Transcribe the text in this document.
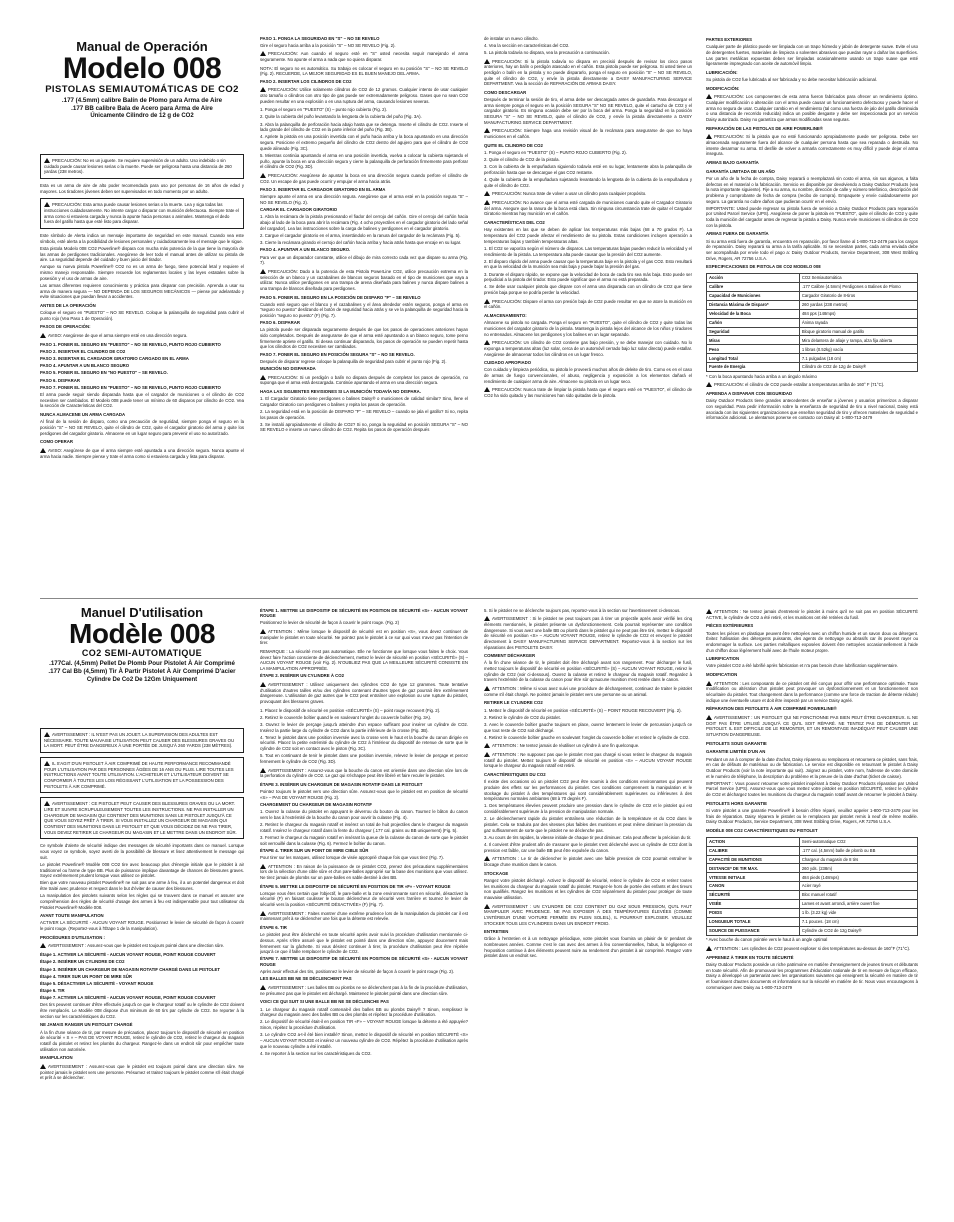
Manual de Operación
Modelo 008
PISTOLAS SEMIAUTOMÁTICAS DE CO2
.177 (4.5mm) calibre Balín de Plomo para Arma de Aire
.177 BB calibre Bala de Acero para Arma de Aire
Únicamente Cilindro de 12 g de CO2
PRECAUCIÓN: No es un juguete. Se requiere supervisión de un adulto. Uso indebido o sin cuidado puede causar lesiones serias o la muerte. Puede ser peligrosa hasta una distancia de 260 yardas (238 metros).

Esta es un arma de aire de alto poder recomendada para uso por personas de 16 años de edad y mayores. Los tiradores jóvenes deben ser supervisados en todo momento por un adulto.

PRECAUCIÓN: Esta arma puede causar lesiones serias o la muerte. Lea y siga todas las instrucciones cuidadosamente. No intente cargar o disparar con munición defectuosa. Siempre trate el arma como si estuviera cargada y nunca la apunte hacia personas o animales. Mantenga el dedo fuera del gatillo hasta que esté listo para disparar.

Este símbolo de Alerta indica un mensaje importante de seguridad en este manual. Cuando vea este símbolo, esté alerta a la posibilidad de lesiones personales y cuidadosamente lea el mensaje que le sigue.

Esta pistola Modelo 008 CO2 Powerline® dispara con mucha más potencia de la que tiene la mayoría de las armas de perdigones tradicionales. Asegúrese de leer todo el manual antes de utilizar su pistola de aire. La seguridad depende del cuidado y buen juicio del tirador.

Aunque su nueva pistola Powerline® CO2 no es un arma de fuego, tiene potencial letal y requiere el mismo manejo responsable. Siempre recuerde los reglamentos locales y las leyes estatales sobre la posesión y el uso de armas de aire.

Las armas diferentes requieren conocimiento y práctica para disparar con precisión. Aprenda a usar su arma de manera segura — NO DEPENDA DE LOS SEGUROS MECÁNICOS — piense por adelantado y evite situaciones que puedan llevar a accidentes.

ANTES DE LA OPERACIÓN

Coloque el seguro en "PUESTO" – NO SE REVELO. Coloque la palanquilla de seguridad para cubrir el punto rojo (Vea Paso 1 de Operación).

PASOS DE OPERACIÓN:

AVISO: Asegúrese de que el arma siempre esté en una dirección segura.

PASO 1. PONER EL SEGURO EN "PUESTO" – NO SE REVELO, PUNTO ROJO CUBIERTO

PASO 2. INSERTAR EL CILINDRO DE CO2

PASO 3. INSERTAR EL CARGADOR GIRATORIO CARGADO EN EL ARMA

PASO 4. APUNTAR A UN BLANCO SEGURO

PASO 5. PONER EL SEGURO EN "NO PUESTO" – SE REVELO.

PASO 6. DISPARAR

PASO 7. PONER EL SEGURO EN "PUESTO" – NO SE REVELO, PUNTO ROJO CUBIERTO

El arma puede seguir siendo disparada hasta que el cargador de municiones o el cilindro de CO2 necesiten ser cambiados. El Modelo 008 puede tener un mínimo de 60 disparos por cilindro de CO2. Vea la sección de Características del CO2.

NUNCA ALMACENE UN ARMA CARGADA

Al final de la sesión de disparo, como una precaución de seguridad, siempre ponga el seguro en la posición "S" – NO SE REVELO, quite el cilindro de CO2, quite el cargador giratorio del arma y quite los perdigones del cargador giratorio. Almacene en un lugar seguro para prevenir el uso no autorizado.

COMO OPERAR

AVISO: Asegúrese de que el arma siempre esté apuntada a una dirección segura. Nunca apunte el arma hacia nadie. Siempre piense y trate el arma como si estuviera cargada y lista para disparar.

PASO 1. PONGA LA SEGURIDAD EN "S" – NO SE REVELO

Gire el seguro hacia arriba a la posición "S" – NO SE REVELO (Fig. 2).

PRECAUCIÓN: Aun cuando el seguro esté en "S" usted necesita seguir manejando el arma seguramente. No apunte el arma a nada que no quiera disparar.

NOTA: El seguro no es automático. Su trabajo es colocar el seguro en su posición "S" – NO SE REVELO (Fig. 2). RECUERDE, LA MEJOR SEGURIDAD ES EL BUEN MANEJO DEL ARMA.

PASO 2. INSERTAR LOS CILINDROS DE CO2

PRECAUCIÓN: Utilice solamente cilindros de CO2 de 12 gramos. Cualquier intento de usar cualquier otro tamaño o cilindros con otro tipo de gas puede ser extremadamente peligroso. Gases que no sean CO2 pueden resultar en una explosión o en una ruptura del arma, causando lesiones severas.

1. Ponga el seguro en "PUESTO" (S) – punto rojo cubierto (Fig. 2).

2. Quite la cubierta del puño levantando la lengüeta de la cubierta del puño (Fig. 3A).

3. Abra la palanquilla de perforación hacia abajo hasta que se detenga. Inserte el cilindro de CO2. Inserte el lado grande del cilindro de CO2 en la parte inferior del puño (Fig. 3B).

4. Apriete la pistola en una posición invertida con el puño hacia arriba y la boca apuntando en una dirección segura. Posicione el extremo pequeño del cilindro de CO2 dentro del agujero para que el cilindro de CO2 quede alineado (Fig. 3C).

5. Mientras continúa apuntando el arma en una posición invertida, vuelva a colocar la cubierta sujetando el puño, apunte la boca en una dirección segura y cierre la palanquilla de perforación firmemente para perforar el cilindro de CO2 (Fig. 3D).

PRECAUCIÓN: Asegúrese de apuntar la boca en una dirección segura cuando perfore el cilindro de CO2. Un escape de gas puede ocurrir y empujar el arma hacia atrás.

PASO 3. INSERTAR EL CARGADOR GIRATORIO EN EL ARMA

Siempre apunte el arma en una dirección segura. Asegúrese que el arma esté en la posición segura "S" – NO SE REVELO (Fig. 2).

CARGAR EL CARGADOR GIRATORIO

1. Abra la recámara de la pistola presionando el fiador del cerrojo del cañón. Gire el cerrojo del cañón hacia abajo al lado de la boca para abrir la recámara (Fig. 4 ocho proyectiles en el cargador giratorio del lado señal del cargador). Lea las instrucciones sobre la carga de balines y perdigones en el cargador giratorio.

2. Cargue el cargador giratorio en el arma, insertándolo en la ranura del cargador de la recámara (Fig. 5).

3. Cierre la recámara girando el cerrojo del cañón hacia arriba y hacia atrás hasta que encaje en su lugar.

PASO 4. APUNTAR A UN BLANCO SEGURO.

Para ver que un disparador constante, utilice el dibujo de mira correcto cada vez que dispare su arma (Fig. 7).

PRECAUCIÓN: Dado a la potencia de esta Pistola PowerLine CO2, utilice precaución extrema en la selección de un blanco y un cazabalines de blancos seguros basado en el tipo de municiones que vaya a utilizar. Nunca utilice perdigones en una trampa de arena diseñada para balines y nunca dispare balines a una trampa de blancos diseñada para perdigones.

PASO 5. PONER EL SEGURO EN LA POSICIÓN DE DISPARO "F" – SE REVELO

Cuando esté seguro que el blanco y el cazabalines y el área alrededor estén seguros, ponga el arma en "seguro no puesto" deslizando el botón de seguridad hacia atrás y se ve la palanquilla de seguridad hacia la posición "seguro no puesto" (F) (Fig. 7).

PASO 6. DISPARAR

La pistola puede ser disparada seguramente después de que los pasos de operaciones anteriores hayan sido completados. Después de asegurarse de que el arma esté apuntando a un blanco seguro, tome perno firmemente apriete el gatillo. Si desea continuar disparando, los pasos de operación se pueden repetir hasta que los cilindros de CO2 necesiten ser cambiados.

PASO 7. PONER EL SEGURO EN POSICIÓN SEGURA "S" – NO SE REVELO.

Después de disparar regrese coloque la palanquilla de seguridad para cubrir el punto rojo (Fig. 2).

MUNICIÓN NO DISPARADA

PRECAUCIÓN: Si un perdigón o balín no dispara después de completar los pasos de operación, no suponga que el arma está descargada. Continúe apuntando el arma en una dirección segura.

HAGA LAS SIGUIENTES REVISIONES SI LA MUNICIÓN TODAVÍA NO DISPARA.

1. El Cargador Giratorio tiene perdigones o balines Daisy® o municiones de calidad similar? Sino, llene el Cargador Giratorio con perdigones o balines y repita los pasos de operación.

2. La seguridad está en la posición de DISPARO "F" – SE REVELO – cuando se jala el gatillo? Si no, repita los pasos de operación.

3. Se instaló apropiadamente el cilindro de CO2? Si no, ponga la seguridad en posición SEGURA "S" – NO SE REVELO e inserte un nuevo cilindro de CO2. Repita los pasos de operación después

de instalar un nuevo cilindro.

4. Vea la sección en características del CO2.

5. La pistola todavía no dispara, vea la precaución a continuación.

PRECAUCIÓN: Si la pistola todavía no dispara en precisió después de revisar los cinco pasos anteriores, hay un balín o perdigón atascado en el cañón. Esta pistola puede ser peligrosa. Si usted tiene un perdigón o balín en la pistola y no puede dispararlo, ponga el seguro en posición "S" – NO SE REVELO, quite el cilindro de CO2, y envíe la pistola directamente a DAISY MANUFACTURING SERVICE DEPARTMENT. Vea la sección de REPARACIÓN DE ARMAS DAISY.

COMO DESCARGAR

Después de terminar la sesión de tiro, el arma debe ser descargada antes de guardarla. Para descargar el arma siempre ponga el seguro en la posición SEGURA "S" NO SE REVELO, quite el cartucho de CO2 y el cargador giratorio. Es ninguna ocasión debe ser por la boca del arma. Ponga la seguridad en la posición SEGURA "S" – NO SE REVELO, quite el cilindro de CO2, y envíe la pistola directamente a DAISY MANUFACTURING SERVICE DEPARTMENT.

PRECAUCIÓN: Siempre haga una revisión visual de la recámara para asegurarse de que no haya municiones en el cañón.

QUITE EL CILINDRO DE CO2

1. Ponga el seguro en "PUESTO" (S) – PUNTO ROJO CUBIERTO (Fig. 2).

2. Quite el cilindro de CO2 de la pistola.

3. Con la cubierta de la empuñadura siguiendo todavía esté en su lugar, lentamente abra la palanquilla de perforación hasta que se descargue el gas CO2 restante.

4. Quite la cubierta de la empuñadura sujetando levantando la lengüeta de la cubierta de la empuñadura y quite el cilindro de CO2.

PRECAUCIÓN: Nunca trate de volver a usar un cilindro para cualquier propósito.

PRECAUCIÓN: No avance que el arma esté cargada de municiones cuando quite el Cargador Giratorio del arma. Asegure que la ranura de la boca está clara. Sin ninguna circunstancia trate de quitar el Cargador Giratorio mientras hay munición en el cañón.

CARACTERÍSTICAS DEL CO2

Hay existentes en las que se deben de aplicar las temperaturas más bajas (68 a 70 grados F). La temperatura del CO2 puede afectar el rendimiento de su pistola. Estas condiciones incluyen operación a temperaturas bajas y también temperaturas altas.

1. El CO2 se vaporiza según el número de disparos. Las temperaturas bajas pueden reducir la velocidad y el rendimiento de la pistola. La temperatura alta puede causar que la presión del CO2 aumente.

2. El disparo rápido del arma puede causar que la temperatura baje en la pistola y el gas CO2. Esto resultará en que la velocidad de la munición sea más baja y puede bajar la presión del gas.

3. Durante el disparo rápido, se expone que la velocidad de boca de cada tiro sea más baja. Esto puede ser perjudicial a la pistola del tirador. Esto puede significar que el arma no está preparada.

4. Se debe usar cualquier pistola que dispare con el arma una disparada con un cilindro de CO2 que tiene presión baja porque se podría perder la velocidad.

PRECAUCIÓN: Dispare el arma con presión baja de CO2 puede resultar en que se atore la munición en el cañón.

ALMACENAMIENTO:

Almacene su pistola no cargada. Ponga el seguro en "PUESTO", quite el cilindro de CO2 y quite todas las municiones del cargador giratorio de la pistola. Mantenga la pistola lejos del alcance de los niños y tiradores no entrenados. Almacene los perdigones y los balines en un lugar separado.

PRECAUCIÓN: Un cilindro de CO2 contiene gas bajo presión, y se debe manejar con cuidado. No lo exponga a temperaturas altas (luz solar, cerca de un automóvil cerrado bajo luz solar directa) puede estallar. Asegúrese de almacenar todos los cilindros en un lugar fresco.

CUIDADO APROPIADO

Con cuidado y limpieza periódica, su pistola le proveerá muchos años de deleite de tiro. Como es en el caso de armas de fuego convencionales, el abuso, negligencia y exposición a los elementos dañará el rendimiento de cualquier arma de aire. Almacene su pistola en un lugar seco.

PRECAUCIÓN: Nunca trate de limpiar la pistola hasta que el seguro esté en "PUESTO", el cilindro de CO2 ha sido quitado y las municiones han sido quitadas de la pistola.

PARTES EXTERIORES

Cualquier parte de plástico puede ser limpiada con un trapo húmedo y jabón de detergente suave. Evite el uso de detergentes fuertes, materiales de limpieza o solventes abrasivos que puedan rayar o dañar las superficies. Las partes metálicas expuestas deben ser limpiadas ocasionalmente usando un trapo suave que esté ligeramente impregnado con aceite de automóvil limpio.

LUBRICACIÓN:

Su pistola de CO2 fue lubricada al ser fabricada y no debe necesitar lubricación adicional.

MODIFICACIÓN:

PRECAUCIÓN: Los componentes de esta arma fueron fabricados para ofrecer un rendimiento óptimo. Cualquier modificación o alteración con el arma puede causar un funcionamiento defectuoso y puede hacer el arma no segura de usar. Cualquier cambio en el rendimiento (tal como una fuerza de jalo del gatillo disminuida o una distancia de recorrido reducida) indica un posible desgaste y debe ser inspeccionada por un servicio Daisy autorizado. Daisy no garantiza que armas modificadas sean seguras.

REPARACIÓN DE LAS PISTOLAS DE AIRE POWERLINE®

PRECAUCIÓN: Si la pistola que no esté funcionando apropiadamente puede ser peligrosa. Debe ser almacenada seguramente fuera del alcance de cualquier persona hasta que sea reparada o destruida. No intente desarmar su arma. El desfile de volver a armarla correctamente es muy difícil y puede dejar el arma insegura.

ARMAS BAJO GARANTÍA
GARANTÍA LIMITADA DE UN AÑO

Por un año de la fecha de compra, Daisy reparará o reemplazará sin costo el arma, sin sus algunos, a falta defectos en el material o la fabricación. Servicio es disponible por devolviendo a Daisy Outdoor Products (vea la nota importante siguiente). Fije a su arma, su nombre, dirección de calle y número telefónico, descripción del problema y comprobante de fecha de compra (recibo de compra). Empaquete y envíe cuidadosamente por seguro. La garantía no cubre daños que pudieran ocurrir en el envío.

IMPORTANTE: Usted puede regresar su pistola fuera de servicio a Daisy Outdoor Products para reparación por United Parcel Service (UPS). Asegúrese de poner la pistola en "PUESTO", quite el cilindro de CO2 y quite toda la munición del cargador antes de regresar la pistola a Daisy. Nunca envíe municiones ni cilindros de CO2 con la pistola.

ARMAS FUERA DE GARANTÍA

Si su arma está fuera de garantía, encuentra en reparación, por favor llame al 1-800-713-2479 para los cargos de reparación. Daisy reparará su arma a la tarifa aplicable. Si se necesitan partes, cada arma enviada debe ser acompañada por envíe todo el pago a: Daisy Outdoor Products, Service Department, 308 West Stribling Drive, Rogers, AR 72756 U.S.A.

ESPECIFICACIONES DE PISTOLA DE CO2 MODELO 008
Acción	CO2 Semiautomática
Calibre	.177 Calibre (4.5mm) Perdigones o Balines de Plomo
Capacidad de Municiones	Cargador Giratorio de 8-tiros
Distancia Máxima de Disparo*	260 yardas (238 metros)
Velocidad de la Boca	484 pps (148mps)
Cañón	Ánima rayada
Seguridad	Bloque giratorio manual de gatillo
Miras	Mira delantera de aliaje y rampa, alza fija abierta
Peso	1 libras (0.52kg) vacía
Longitud Total	7.1 pulgadas (18 cm)
Fuente de Energía	Cilindro de CO2 de 12g de Daisy®

* Con la boca apuntando hacia arriba a un ángulo máximo

PRECAUCIÓN: el cilindro de CO2 puede estallar a temperaturas arriba de 160° F (71°C).

APRENDA A DISPARAR CON SEGURIDAD

Daisy Outdoor Products tiene grandes antecedentes de enseñar a jóvenes y usuarios primerizos a disparar con seguridad. Para pedir información sobre la enseñanza de seguridad de tiro a nivel nacional, Daisy está asociada con las siguientes organizaciones que enseñan seguridad de tiro y ofrecen materiales de seguridad e información adicional. Le alentamos ponerse en contacto con Daisy al: 1-800-713-2479

Manuel D'utilisation
Modèle 008
CO2 SEMI-AUTOMATIQUE
.177Cal. (4,5mm) Pellet De Plomb Pour Pistolet À Air Comprimé
.177 Cal Bb (4,5mm) Tir À Partir Pistolet À Air Comprimé D'acier
Cylindre De Co2 De 12Gm Uniquement
AVERTISSEMENT : IL N'EST PAS UN JOUET. LA SUPERVISION DES ADULTES EST NÉCESSAIRE. TOUTE MAUVAISE UTILISATION PEUT CAUSER DES BLESSURES GRAVES OU LA MORT. PEUT ÊTRE DANGEREUX À UNE PORTÉE DE JUSQU'À 260 YARDS (238 MÈTRES).
IL S'AGIT D'UN PISTOLET À AIR COMPRIMÉ DE HAUTE PERFORMANCE RECOMMANDÉ POUR L'UTILISATION PAR DES PERSONNES ÂGÉES DE 16 ANS OU PLUS. LIRE TOUTES LES INSTRUCTIONS AVANT TOUTE UTILISATION. L'ACHETEUR ET L'UTILISATEUR DOIVENT SE CONFORMER À TOUTES LES LOIS RÉGISSANT L'UTILISATION ET LA POSSESSION DES PISTOLETS À AIR COMPRIMÉ.
AVERTISSEMENT : CE PISTOLET PEUT CAUSER DES BLESSURES GRAVES OU LA MORT. LIRE ET SUIVRE SCRUPULEUSEMENT TOUTES LES INSTRUCTIONS. NE PAS INSTALLER UN CHARGEUR DE MAGASIN QUI CONTIENT DES MUNITIONS SANS LE PISTOLET JUSQU'À CE QUE VOUS SOYEZ PRÊT À TIRER. SI VOUS INSTALLEZ UN CHARGEUR DE MAGASIN QUI CONTIENT DES MUNITIONS DANS LE PISTOLET ET QUE VOUS DÉCIDEZ DE NE PAS TIRER, VOUS DEVEZ RETIRER LE CHARGEUR DU MAGASIN ET LE METTRE DANS UN ENDROIT SÛR.

Ce symbole d'alerte de sécurité indique des messages de sécurité importants dans ce manuel. Lorsque vous voyez ce symbole, soyez averti de la possibilité de blessure et lisez attentivement le message qui suit.

Le pistolet Powerline® Modèle 008 CO2 tire avec beaucoup plus d'énergie initiale que le pistolet à air traditionnel ou l'arme de type BB. Plus de puissance implique davantage de chances de blessures graves. Soyez extrêmement prudent lorsque vous utilisez ce pistolet.

Bien que votre nouveau pistolet Powerline® ne soit pas une arme à feu, il a un potentiel dangereux et doit être traité avec prudence et respect dans le but d'éviter de causer des blessures.

La manipulation des pistolets suivants selon les règles qui se trouvent dans ce manuel et assurer une compréhension des règles de sécurité d'usage des armes à feu est indispensable pour tout utilisateur du Pistolet Powerline® Modèle 008.

AVANT TOUTE MANIPULATION

ACTIVER LA SÉCURITÉ - AUCUN VOYANT ROUGE. Positionnez le levier de sécurité de façon à couvrir le point rouge. (Reportez-vous à l'Étape 1 de la manipulation).

PROCÉDURES D'UTILISATION :

AVERTISSEMENT : Assurez-vous que le pistolet est toujours pointé dans une direction sûre.

Étape 1. ACTIVER LA SÉCURITÉ - AUCUN VOYANT ROUGE, POINT ROUGE COUVERT

Étape 2. INSÉRER UN CYLINDRE DE CO2

Étape 3. INSÉRER UN CHARGEUR DE MAGASIN ROTATIF CHARGÉ DANS LE PISTOLET

Étape 4. TIRER SUR UN POINT DE MIRE SÛR

Étape 5. DÉSACTIVER LA SÉCURITÉ - VOYANT ROUGE

Étape 6. TIR

Étape 7. ACTIVER LA SÉCURITÉ - AUCUN VOYANT ROUGE, POINT ROUGE COUVERT

Des tirs peuvent continuer d'être effectués jusqu'à ce que le chargeur rotatif ou le cylindre de CO2 doivent être remplacés. Le Modèle 008 dispose d'un minimum de 60 tirs par cylindre de CO2. Se reporter à la section sur les caractéristiques du CO2.

NE JAMAIS RANGER UN PISTOLET CHARGÉ

À la fin d'une séance de tir, par mesure de précaution, placez toujours le dispositif de sécurité en position de sécurité « S » – PAS DE VOYANT ROUGE, retirez le cylindre de CO2, retirez le chargeur du magasin rotatif du pistolet et retirez les plombs du chargeur. Rangez-le dans un endroit sûr pour empêcher toute utilisation non autorisée.

MANIPULATION

AVERTISSEMENT : Assurez-vous que le pistolet est toujours pointé dans une direction sûre. Ne pointez jamais le pistolet vers une personne. Présumez et traitez toujours le pistolet comme s'il était chargé et prêt à se déclencher.

ÉTAPE 1. METTRE LE DISPOSITIF DE SÉCURITÉ EN POSITION DE SÉCURITÉ «S» - AUCUN VOYANT ROUGE

Positionnez le levier de sécurité de façon à couvrir le point rouge. (Fig. 2)

ATTENTION : Même lorsque le dispositif de sécurité est en position «S», vous devez continuer de manipuler le pistolet en toute sécurité. Ne pointez pas le pistolet à ce sur quoi vous n'avez pas l'intention de tirer.

REMARQUE : La sécurité n'est pas automatique. Elle ne fonctionne que lorsque vous faites le choix. Vous devez faire l'action consciente de déclenchement, mettez le levier de sécurité en position «SÉCURITÉ» (S) – AUCUN VOYANT ROUGE (voir Fig. 2). N'OUBLIEZ PAS QUE LA MEILLEURE SÉCURITÉ CONSISTE EN LA MANIPULATION APPROPRIÉE.

ÉTAPE 2. INSÉRER UN CYLINDRE À CO2

AVERTISSEMENT : Utilisez uniquement des cylindres CO2 de type 12 grammes. Toute tentative d'utilisation d'autres tailles et/ou des cylindres contenant d'autres types de gaz pourrait être extrêmement dangereuse. L'utilisation de gaz autres que le CO2 peut entraîner une explosion ou une rupture du pistolet, provoquant des blessures graves.

1. Placez le dispositif de sécurité en position «SÉCURITÉ» (S) – point rouge recouvert (Fig. 2).

2. Retirez le couvercle boîtier quand le en soulevant l'onglet du couvercle boîtier (Fig. 3A).

3. Ouvrez le levier de perçage jusqu'à atteindre d'un espace suffisant pour insérer un cylindre de CO2. Insérez la partie large du cylindre de CO2 dans la partie inférieure de la crosse (Fig. 3B).

4. Tenez le pistolet dans une position inversée avec la crosse vers le haut et la bouche du canon dirigée en sécurité. Placez la petite extrémité du cylindre de CO2 à l'intérieur du dispositif de retenue de sorte que le cylindre de CO2 soit en contact avec le piston (Fig. 3C).

5. Tout en continuant de tenir le pistolet dans une position inversée, relevez le levier de perçage et percez fermement le cylindre de CO2 (Fig. 3D).

AVERTISSEMENT : Assurez-vous que la bouche du canon est orientée dans une direction sûre lors de la perforation du cylindre de CO2. Le gaz qui s'échappe peut être libéré et faire reculer le pistolet.

ÉTAPE 3. INSÉRER UN CHARGEUR DE MAGASIN ROTATIF DANS LE PISTOLET

Pointez toujours le pistolet vers une direction sûre. Assurez-vous que le pistolet est en position de sécurité «S» – PAS DE VOYANT ROUGE (Fig. 2).

CHARGEMENT DU CHARGEUR DE MAGASIN ROTATIF

1. Ouvrez la culasse du pistolet en appuyant le déverrou du bouton du canon. Tournez le bâton du canon vers le bas à l'extrémité de la bouche du canon pour ouvrir la culasse (Fig. 4).

2. Retirez le chargeur du magasin rotatif et insérez un total de huit projectiles dans le chargeur du magasin rotatif. Insérez le chargeur rotatif dans la fente du chargeur (.177 cal. grains ou BB uniquement) (Fig. 5).

3. Fermez le chargeur du magasin rotatif en insérant la queue de la culasse du canon de sorte que le pistolet soit verrouillé dans la culasse (Fig. 6). Fermez le boîtier du canon.

ÉTAPE 4. TIRER SUR UN POINT DE MIRE CIBLE SÛR

Pour tirer sur les marques, utilisez lorsque de visée approprié chaque fois que vous tirez (Fig. 7).

ATTENTION : En raison de la puissance de ce pistolet CO2, prenez des précautions supplémentaires lors de la sélection d'une cible sûre et d'un pare-balles approprié sur la base des munitions que vous utilisez. Ne tirez jamais de plombs sur un pare-balles en sable destiné à des BB.

ÉTAPE 5. METTRE LE DISPOSITIF DE SÉCURITÉ EN POSITION DE TIR «F» - VOYANT ROUGE

Lorsque vous êtes certain que l'objectif, le pare-balle et la zone environnante sont en sécurité, désactivez la sécurité (F) en faisant coulisser le bouton déclencheur de sécurité vers l'arrière et tournez le levier de sécurité vers la position «SÉCURITÉ DÉSACTIVÉE» (F) (Fig. 7).

AVERTISSEMENT : Faites montrer d'une extrême prudence lors de la manipulation du pistolet car il est maintenant prêt à se déclencher une fois que la détente est relevée.

ÉTAPE 6. TIR

Le pistolet peut être déclenché en toute sécurité après avoir suivi la procédure d'utilisation mentionnée ci-dessus. Après s'être assuré que le pistolet est pointé dans une direction sûre, appuyez doucement mais fermement sur la gâchette. Si vous désirez continuer à tirer, la procédure d'utilisation peut être répétée jusqu'à ce que il faille remplacer le cylindre de CO2.

ÉTAPE 7. METTRE LE DISPOSITIF DE SÉCURITÉ EN POSITION DE SÉCURITÉ «S» - AUCUN VOYANT ROUGE

Après avoir effectué des tirs, positionnez le levier de sécurité de façon à couvrir le point rouge (Fig. 2).

LES BALLES BB NE SE DÉCLENCHENT PAS

AVERTISSEMENT : Les balles BB ou plombs ne se déclenchent pas à la fin de la procédure d'utilisation, ne présumez pas que le pistolet est déchargé. Maintenez le pistolet pointé dans une direction sûre.

VOICI CE QUI SUIT SI UNE BALLE BB NE SE DÉCLENCHE PAS

1. Le chargeur du magasin rotatif contenait-il des balles BB ou plombs Daisy® ? Sinon, remplissez le chargeur du magasin avec des balles BB ou des plombs et répétez la procédure d'utilisation.

2. Le dispositif de sécurité était-il en position TIR «F» – VOYANT ROUGE lorsque la détente a été appuyée? Sinon, répétez la procédure d'utilisation.

3. Le cylindre CO2 a-t-il été bien installé? Sinon, mettez le dispositif de sécurité en position SÉCURITÉ «S» – AUCUN VOYANT ROUGE et insérez un nouveau cylindre de CO2. Répétez la procédure d'utilisation après que le nouveau cylindre a été installé.

4. Se reporter à la section sur les caractéristiques du CO2.

5. Si le pistolet ne se déclenche toujours pas, reportez-vous à la section sur l'avertissement ci-dessous.

AVERTISSEMENT : Si le pistolet ne peut toujours pas à tirer un projectile après avoir vérifié les cinq éléments mentionnés, le pistolet présente un dysfonctionnement. Cela pourrait représenter une condition dangereuse. Si vous avez une balle BB ou plomb dans le pistolet qui ne peut pas être tiré, mettez le dispositif de sécurité en position «S» – AUCUN VOYANT ROUGE, retirez le cylindre de CO2 et envoyez le pistolet directement à DAISY MANUFACTURING SERVICE DEPARTMENT. Reportez-vous à la section sur les réparations des PISTOLETS DAISY.

COMMENT DÉCHARGER

À la fin d'une séance de tir, le pistolet doit être déchargé avant son rangement. Pour décharger le fusil, mettez toujours le dispositif de sécurité en position «SÉCURITÉ» (S) – AUCUN VOYANT ROUGE, retirez le cylindre de CO2 (voir ci-dessous). Ouvrez la culasse et retirez le chargeur du magasin rotatif. Regardez à travers l'extrémité de la culasse du canon pour être sûr qu'aucune munition n'est restée dans le canon.

ATTENTION : Même si vous avez suivi une procédure de déchargement, continuez de traiter le pistolet comme s'il était chargé. Ne pointez jamais le pistolet vers une personne ou un animal.

RETIRER LE CYLINDRE CO2

1. Mettez le dispositif de sécurité en position «SÉCURITÉ» (S) – POINT ROUGE RECOUVERT (Fig. 2).

2. Retirez le cylindre de CO2 du pistolet.

3. Avec le couvercle boîtier gauche toujours en place, ouvrez lentement le levier de percussion jusqu'à ce que tout reste de CO2 soit déchargé.

4. Retirez le couvercle boîtier gauche en soulevant l'onglet du couvercle boîtier et retirez le cylindre de CO2.

ATTENTION : Ne tentez jamais de réutiliser un cylindre à une fin quelconque.

ATTENTION : Ne supposez pas que le pistolet n'est pas chargé si vous retirez le chargeur du magasin rotatif du pistolet. Mettez toujours le dispositif de sécurité en position «S» – AUCUN VOYANT ROUGE lorsque le chargeur du magasin rotatif est retiré.

CARACTÉRISTIQUES DU CO2

Il existe des occasions où un pistolet CO2 peut être soumis à des conditions environnantes qui peuvent produire des effets sur les performances du pistolet. Ces conditions comprennent la manipulation et le stockage du pistolet à des températures qui sont considérablement supérieures ou inférieures à des températures normales ambiantes (68 à 70 degrés F).

1. Des températures élevées peuvent produire une pression dans le cylindre de CO2 et le pistolet qui est considérablement supérieure à la pression de manipulation normale.

2. Le déclenchement rapide du pistolet entraînera une réduction de la température et du CO2 dans le pistolet. Cela se traduira par des vitesses plus faibles des munitions et peut même diminuer la pression du gaz suffisamment de sorte que le pistolet ne se déclenche pas.

3. Au cours de tirs rapides, la vitesse initiale de chaque tir peut diminuer. Cela peut affecter la précision du tir.

4. Il convient d'être prudent afin de s'assurer que le pistolet s'est déclenché avec un cylindre de CO2 dont la pression est faible, car une balle BB peut être expulsée du canon.

ATTENTION : Le tir de déclencher le pistolet avec une faible pression de CO2 pourrait entraîner le blocage d'une munition dans le canon.

STOCKAGE

Rangez votre pistolet déchargé. Activez le dispositif de sécurité, retirez le cylindre de CO2 et retirez toutes les munitions du chargeur du magasin rotatif du pistolet. Rangez-le hors de portée des enfants et des tireurs non qualifiés. Rangez les munitions et les cylindres de CO2 séparément du pistolet pour protéger de toute mauvaise utilisation.

AVERTISSEMENT : UN CYLINDRE DE CO2 CONTIENT DU GAZ SOUS PRESSION, QU'IL FAUT MANIPULER AVEC PRUDENCE. NE PAS EXPOSER À DES TEMPÉRATURES ÉLEVÉES (COMME L'INTÉRIEUR D'UNE VOITURE FERMÉE EN PLEIN SOLEIL), IL POURRAIT EXPLOSER. VEUILLEZ STOCKER TOUS LES CYLINDRES DANS UN ENDROIT FROID.

ENTRETIEN

Grâce à l'entretien et à un nettoyage périodique, votre pistolet vous fournira un plaisir de tir pendant de nombreuses années. Comme c'est le cas avec des armes à feu conventionnelles, l'abus, la négligence et l'exposition continue à des éléments peuvent nuire au rendement d'un pistolet à air comprimé. Rangez votre pistolet dans un endroit sec.

ATTENTION : Ne tentez jamais d'entretenir le pistolet à moins qu'il ne soit pas en position SÉCURITÉ ACTIVE, le cylindre de CO2 a été retiré, et les munitions ont été retirées du fusil.

PIÈCES EXTÉRIEURES

Toutes les pièces en plastique peuvent être nettoyées avec un chiffon humide et un savon doux ou détergent. Évitez l'utilisation des détergents puissants, des agents de nettoyage ou abrasifs car ils peuvent rayer ou endommager la surface. Les parties métalliques exposées doivent être nettoyées occasionnellement à l'aide d'un chiffon doux légèrement huilé avec de l'huile moteur propre.

LUBRIFICATION

Votre pistolet CO2 a été lubrifié après fabrication et n'a pas besoin d'une lubrification supplémentaire.

MODIFICATION

ATTENTION : Les composants de ce pistolet ont été conçus pour offrir une performance optimale. Toute modification ou altération d'un pistolet peut provoquer un dysfonctionnement et un fonctionnement non sécuritaire du pistolet. Tout changement dans la performance (comme une force de traction de détente réduite) indique une éventuelle usure et doit être inspecté par un service Daisy agréé.

RÉPARATION DES PISTOLETS À AIR COMPRIMÉ POWERLINE®

AVERTISSEMENT : UN PISTOLET QUI NE FONCTIONNE PAS BIEN PEUT ÊTRE DANGEREUX. IL NE DOIT PAS ÊTRE UTILISÉ JUSQU'À CE QU'IL SOIT RÉPARÉ. NE TENTEZ PAS DE DÉMONTER LE PISTOLET. IL EST DIFFICILE DE LE REMONTER, ET UN REMONTAGE INADÉQUAT PEUT CAUSER UNE SITUATION DANGEREUSE.

PISTOLETS SOUS GARANTIE
GARANTIE LIMITÉE D'UN AN

Pendant un an à compter de la date d'achat, Daisy réparera ou remplacera et retournera ce pistolet, sans frais, en cas de défauts de matériaux ou de fabrication. Le service est disponible en retournant le pistolet à Daisy Outdoor Products (voir la note importante qui suit). Joignez au pistolet, votre nom, l'adresse de votre domicile et le numéro de téléphone, la description du problème et la preuve de la date d'achat (ticket de caisse).

IMPORTANT : Vous pouvez retourner votre pistolet inopérant à Daisy Outdoor Products réparation par United Parcel Service (UPS). Assurez-vous que vous mettez votre pistolet en position SÉCURITÉ, retirez le cylindre de CO2 et déchargez toutes les munitions du chargeur du magasin rotatif avant de retourner le pistolet à Daisy.

PISTOLETS HORS GARANTIE

Si votre pistolet a une garantie Powerline® à besoin d'être réparé, veuillez appeler 1-800-713-2479 pour les frais de réparation. Daisy réparera le pistolet ou le remplacera par pistolet remis à neuf de même modèle. Daisy Outdoor Products, Service Department, 308 West Stribling Drive, Rogers, AR 72756 U.S.A.

MODÈLE 008 CO2 CARACTÉRISTIQUES DU PISTOLET
ACTION	Semi-automatique CO2
CALIBRE	.177 cal. (4,5mm) balle de plomb ou BB
CAPACITÉ DE MUNITIONS	Chargeur du magasin de 8 tirs
DISTANCE* DE TIR MAX.	260 yds. (238m)
VITESSE INITIALE	484 pieds (148mps)
CANON	Acier rayé
SÉCURITÉ	Bloc manuel rotatif
VISÉE	Lames et avant arrondi, arrière ouvert fixe
POIDS	1 lb. (3.22 kg) vide
LONGUEUR TOTALE	7.1 pouces. (18 cm)
SOURCE DE PUISSANCE	Cylindre de CO2 de 12g Daisy®

* Avec bouche du canon pointée vers le haut à un angle optimal

ATTENTION : Les cylindres de CO2 peuvent exploser si des températures au-dessus de 160°F (71°C).

APPRENEZ À TIRER EN TOUTE SÉCURITÉ

Daisy Outdoor Products possède un riche patrimoine en matière d'enseignement de jeunes tireurs et débutants en toute sécurité. Afin de promouvoir les programmes d'éducation nationale de tir en mesure de façon efficace, Daisy a développé un partenariat avec les organisations suivantes qui enseignent la sécurité en matière de tir et fournissent d'autres documents et informations sur la sécurité en matière de tir. Nous vous encourageons à communiquer avec Daisy au 1-800-713-2479
